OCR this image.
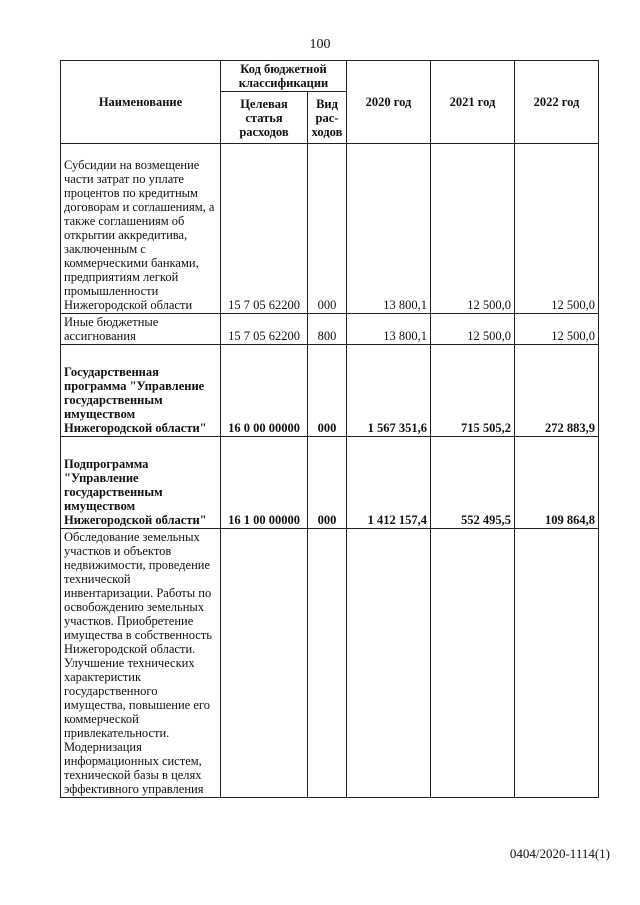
100
Наименование	Код бюджетной классификации		2020 год	2021 год	2022 год
	Целевая статья расходов	Вид рас-ходов			
Субсидии на возмещение части затрат по уплате процентов по кредитным договорам и соглашениям, а также соглашениям об открытии аккредитива, заключенным с коммерческими банками, предприятиям легкой промышленности Нижегородской области	15 7 05 62200	000	13 800,1	12 500,0	12 500,0
Иные бюджетные ассигнования	15 7 05 62200	800	13 800,1	12 500,0	12 500,0
Государственная программа "Управление государственным имуществом Нижегородской области"	16 0 00 00000	000	1 567 351,6	715 505,2	272 883,9
Подпрограмма "Управление государственным имуществом Нижегородской области"	16 1 00 00000	000	1 412 157,4	552 495,5	109 864,8
Обследование земельных участков и объектов недвижимости, проведение технической инвентаризации. Работы по освобождению земельных участков. Приобретение имущества в собственность Нижегородской области. Улучшение технических характеристик государственного имущества, повышение его коммерческой привлекательности. Модернизация информационных систем, технической базы в целях эффективного управления					
0404/2020-1114(1)
